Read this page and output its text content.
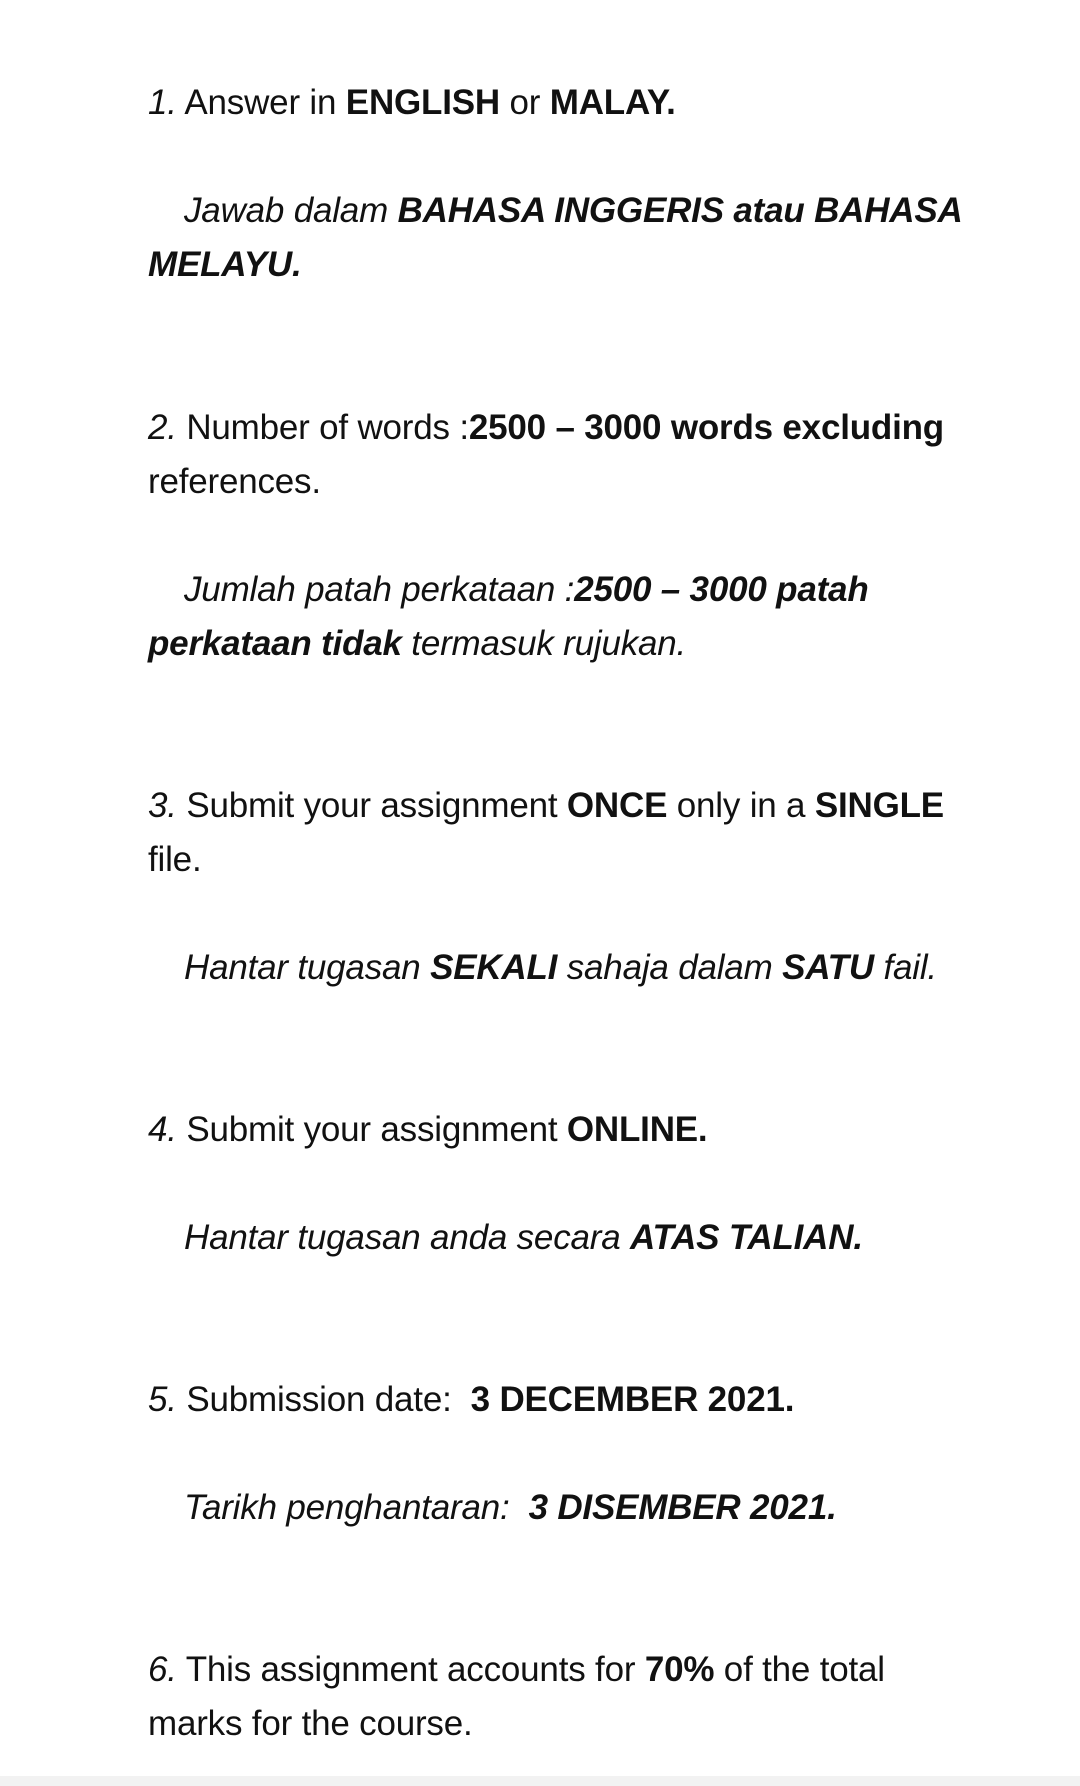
1. Answer in ENGLISH or MALAY.
Jawab dalam BAHASA INGGERIS atau BAHASA
MELAYU.
2. Number of words :2500 – 3000 words excluding
references.
Jumlah patah perkataan :2500 – 3000 patah
perkataan tidak termasuk rujukan.
3. Submit your assignment ONCE only in a SINGLE
file.
Hantar tugasan SEKALI sahaja dalam SATU fail.
4. Submit your assignment ONLINE.
Hantar tugasan anda secara ATAS TALIAN.
5. Submission date:  3 DECEMBER 2021.
Tarikh penghantaran:  3 DISEMBER 2021.
6. This assignment accounts for 70% of the total
marks for the course.
